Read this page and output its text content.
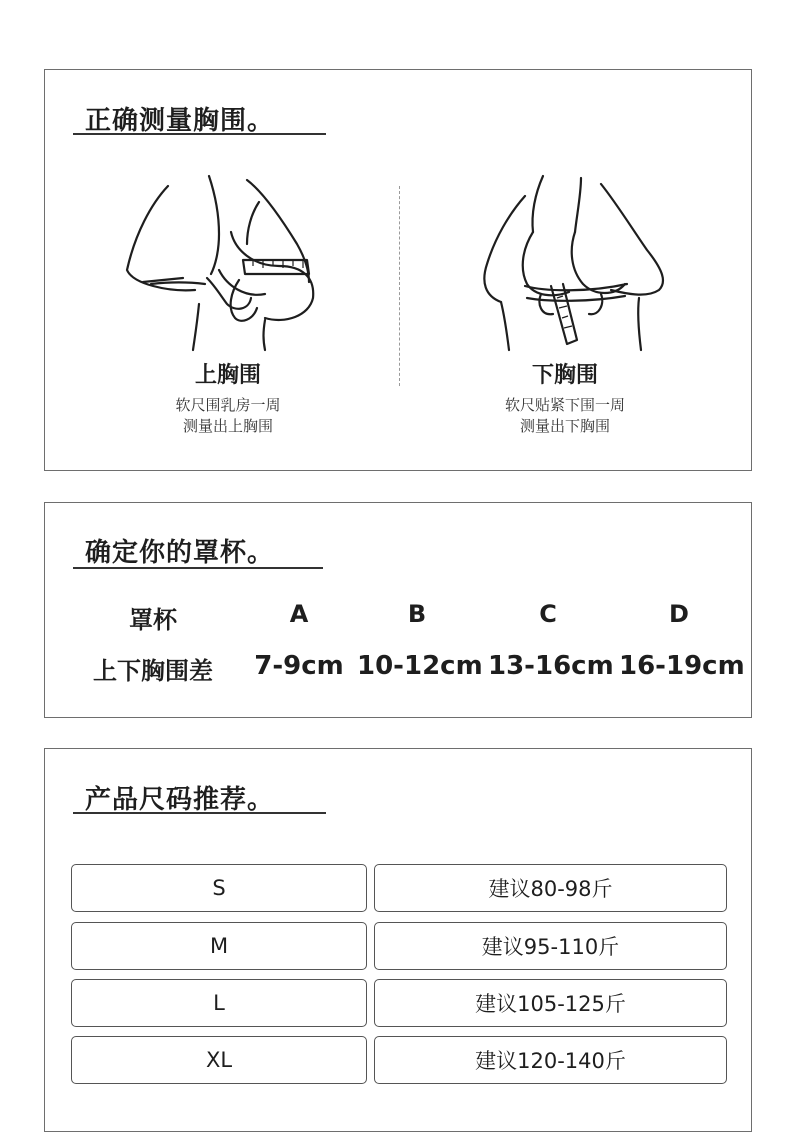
正确测量胸围。
上胸围
软尺围乳房一周
测量出上胸围
下胸围
软尺贴紧下围一周
测量出下胸围
确定你的罩杯。
罩杯	A	B	C	D
上下胸围差	7-9cm 10-12cm 13-16cm 16-19cm
产品尺码推荐。
S	建议80-98斤
M	建议95-110斤
L	建议105-125斤
XL	建议120-140斤
